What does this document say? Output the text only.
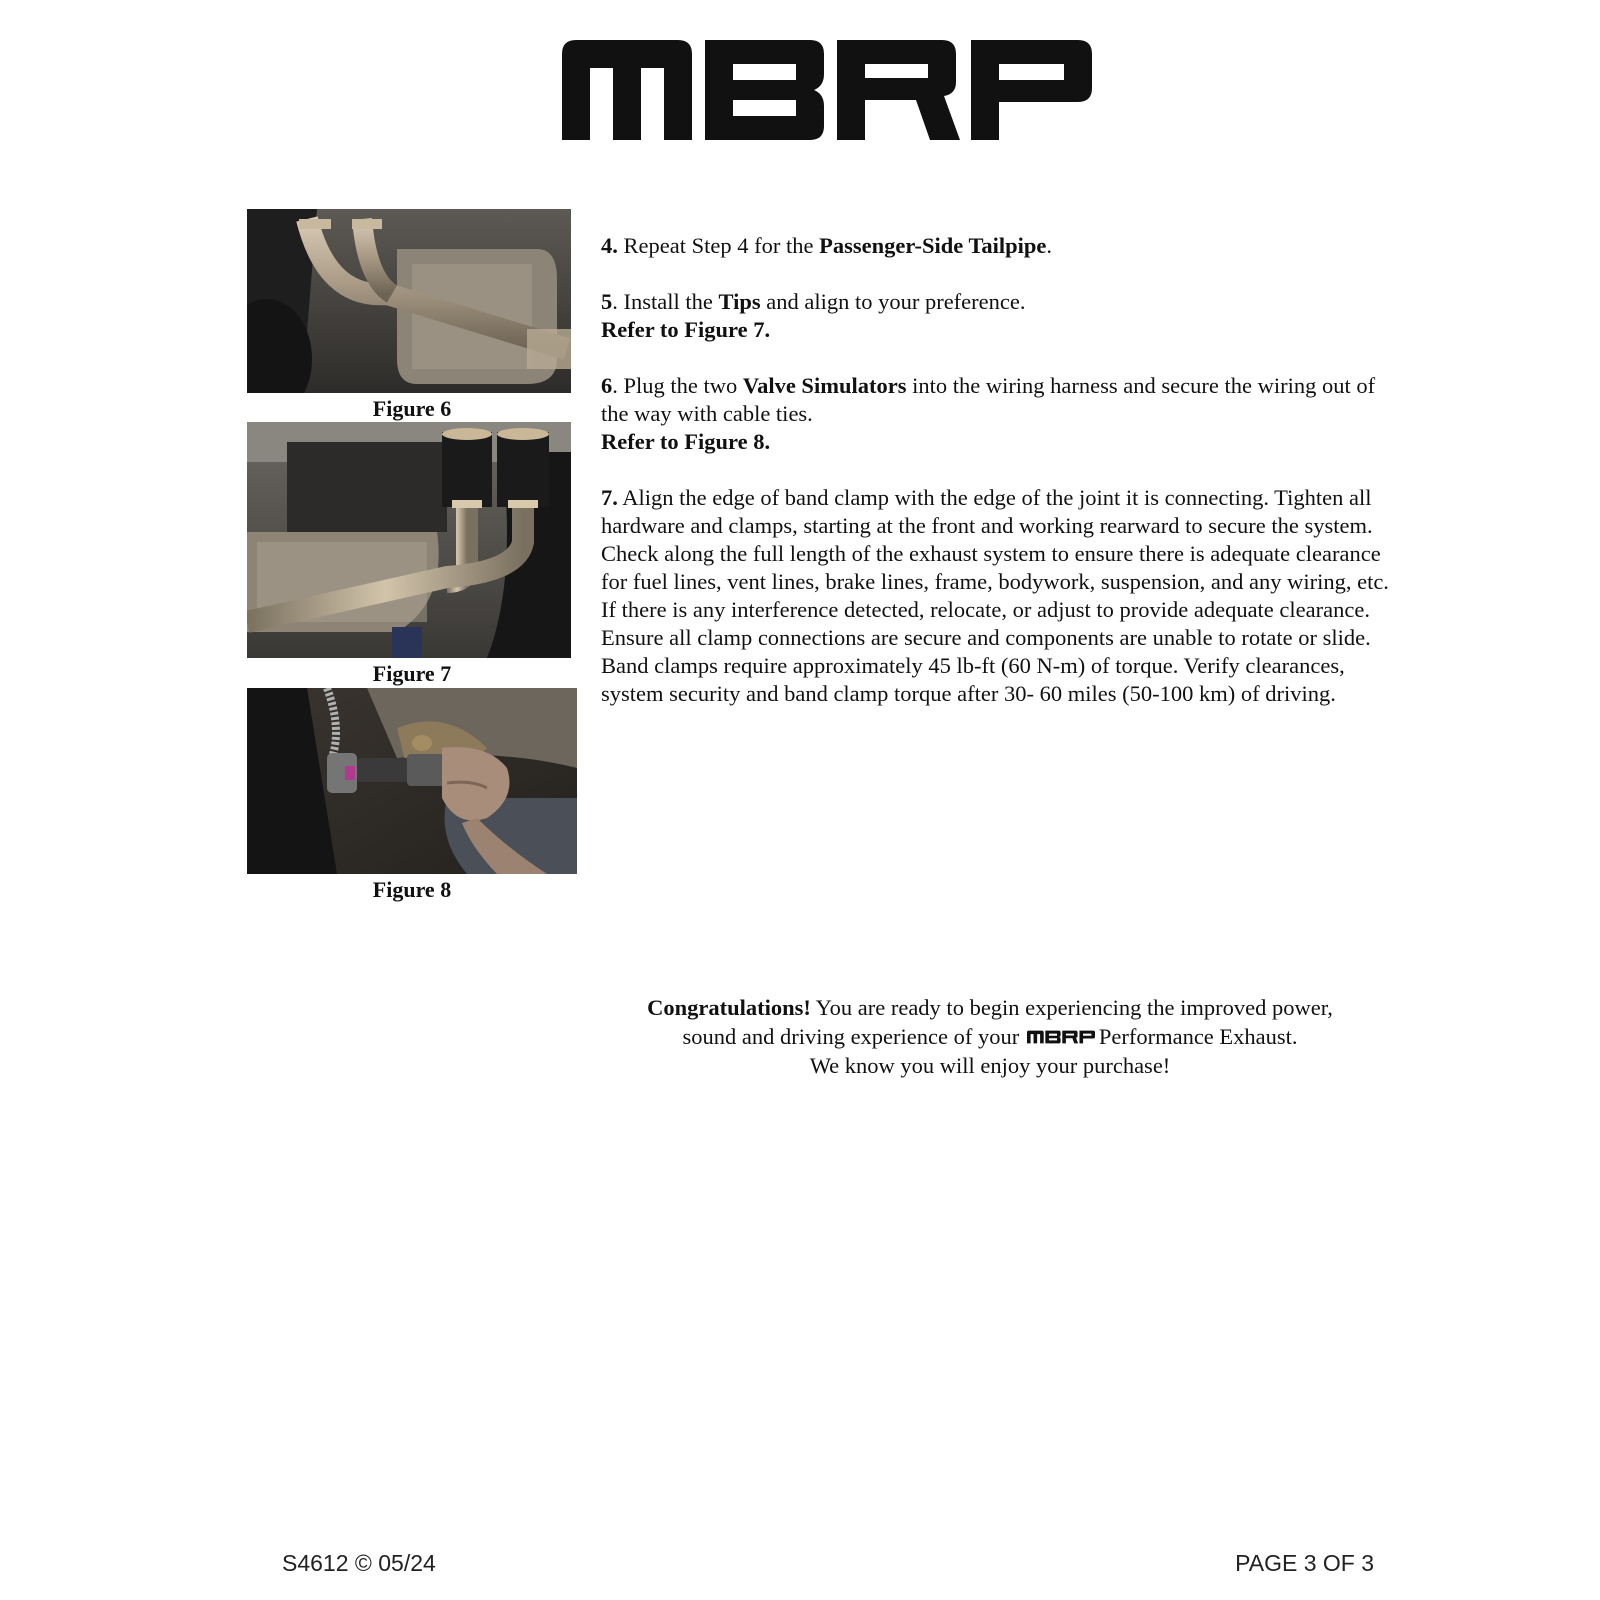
Figure 6
Figure 7
Figure 8

4. Repeat Step 4 for the Passenger-Side Tailpipe.

5. Install the Tips and align to your preference.
Refer to Figure 7.

6. Plug the two Valve Simulators into the wiring harness and secure the wiring out of the way with cable ties.
Refer to Figure 8.

7. Align the edge of band clamp with the edge of the joint it is connecting. Tighten all hardware and clamps, starting at the front and working rearward to secure the system. Check along the full length of the exhaust system to ensure there is adequate clearance for fuel lines, vent lines, brake lines, frame, bodywork, suspension, and any wiring, etc. If there is any interference detected, relocate, or adjust to provide adequate clearance. Ensure all clamp connections are secure and components are unable to rotate or slide. Band clamps require approximately 45 lb-ft (60 N-m) of torque. Verify clearances, system security and band clamp torque after 30- 60 miles (50-100 km) of driving.

Congratulations! You are ready to begin experiencing the improved power,
sound and driving experience of your	Performance Exhaust.
We know you will enjoy your purchase!
S4612 © 05/24	PAGE 3 OF 3
